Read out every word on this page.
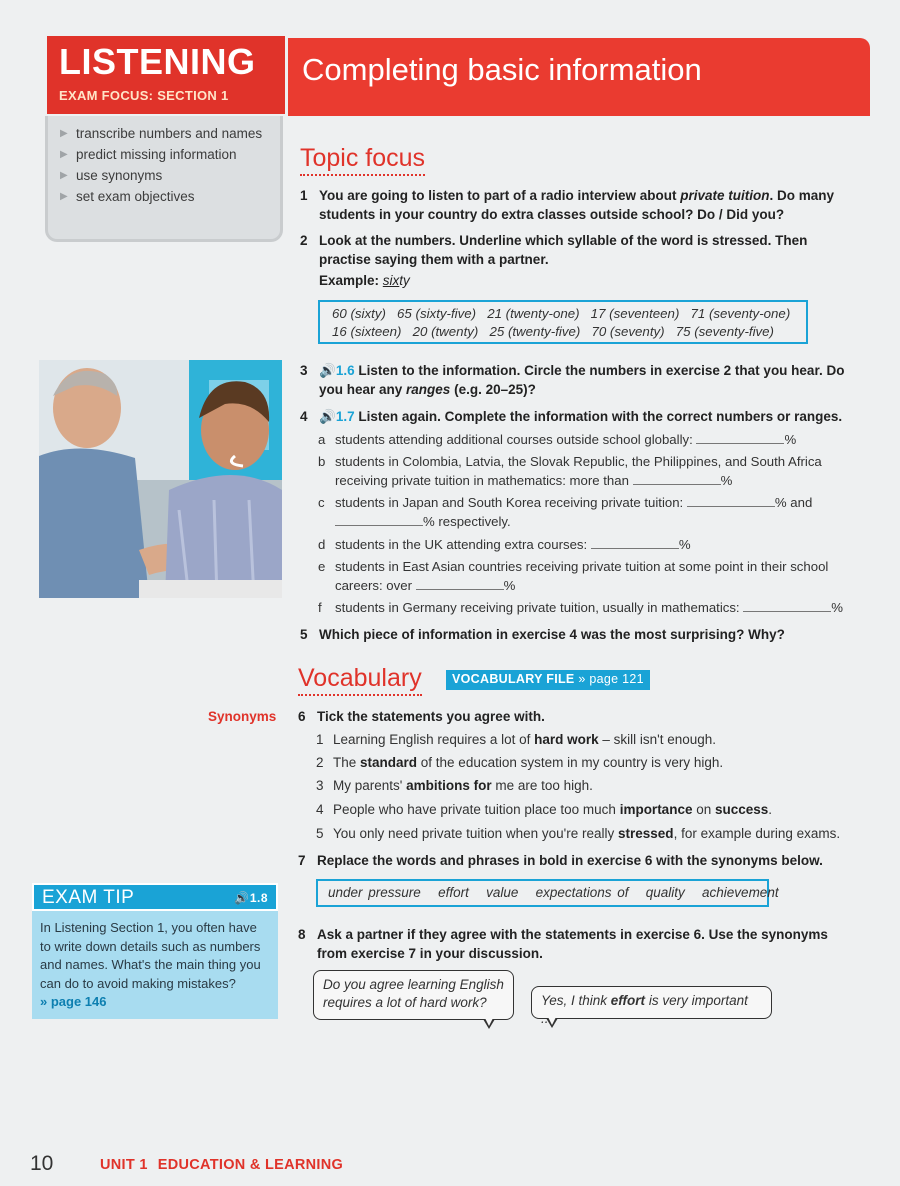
LISTENING
EXAM FOCUS: SECTION 1
Completing basic information
▶ transcribe numbers and names
▶ predict missing information
▶ use synonyms
▶ set exam objectives
Topic focus
1 You are going to listen to part of a radio interview about private tuition. Do many students in your country do extra classes outside school? Do / Did you?
2 Look at the numbers. Underline which syllable of the word is stressed. Then practise saying them with a partner.
Example: sixty
60 (sixty) 65 (sixty-five) 21 (twenty-one) 17 (seventeen) 71 (seventy-one)
16 (sixteen) 20 (twenty) 25 (twenty-five) 70 (seventy) 75 (seventy-five)
3 🔊1.6 Listen to the information. Circle the numbers in exercise 2 that you hear. Do you hear any ranges (e.g. 20–25)?
4 🔊1.7 Listen again. Complete the information with the correct numbers or ranges.
a students attending additional courses outside school globally:	%
b students in Colombia, Latvia, the Slovak Republic, the Philippines, and South Africa receiving private tuition in mathematics: more than	%
c students in Japan and South Korea receiving private tuition:	% and % respectively.
d students in the UK attending extra courses:	%
e students in East Asian countries receiving private tuition at some point in their school careers: over	%
f students in Germany receiving private tuition, usually in mathematics:	%
5 Which piece of information in exercise 4 was the most surprising? Why?
Vocabulary	VOCABULARY FILE » page 121
Synonyms 6 Tick the statements you agree with.
1 Learning English requires a lot of hard work – skill isn't enough.
2 The standard of the education system in my country is very high.
3 My parents' ambitions for me are too high.
4 People who have private tuition place too much importance on success.
5 You only need private tuition when you're really stressed, for example during exams.
7 Replace the words and phrases in bold in exercise 6 with the synonyms below.
under pressure effort value expectations of quality achievement
EXAM TIP	🔊1.8
In Listening Section 1, you often have to write down details such as numbers and names. What's the main thing you can do to avoid making mistakes?
» page 146
8 Ask a partner if they agree with the statements in exercise 6. Use the synonyms from exercise 7 in your discussion.
Do you agree learning English requires a lot of hard work?	Yes, I think effort is very important ...
10	UNIT 1 EDUCATION & LEARNING
